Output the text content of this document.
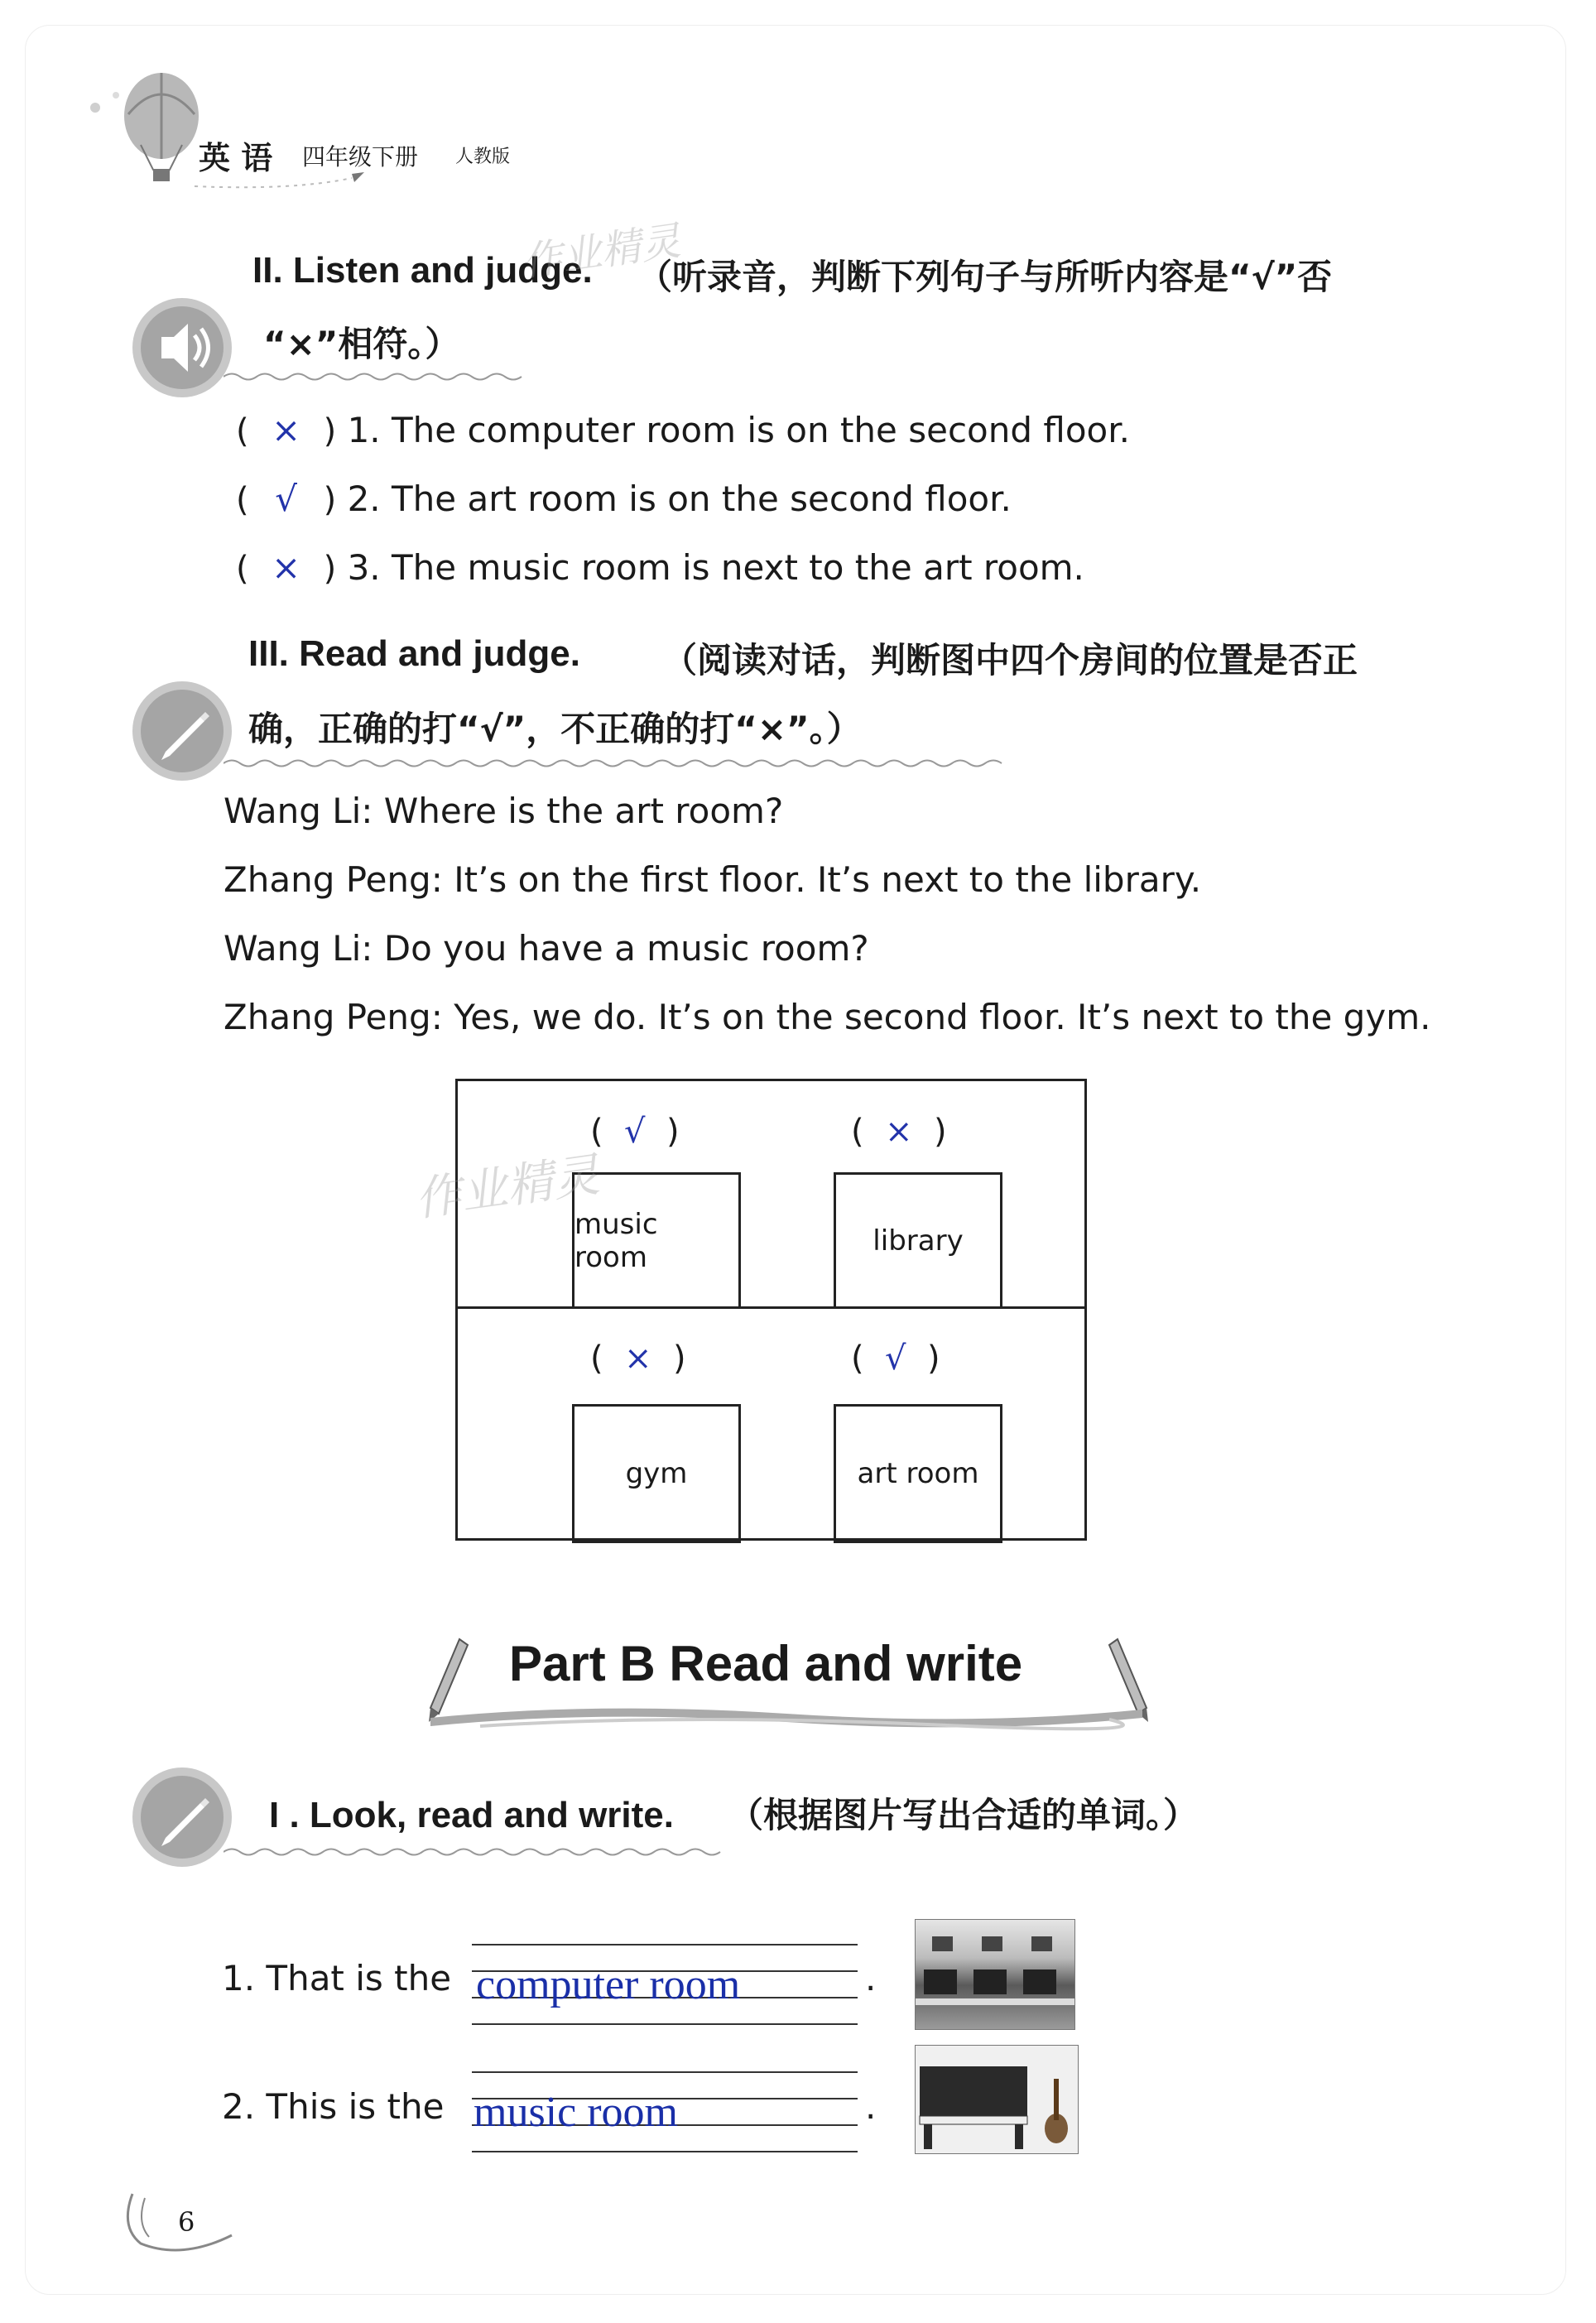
英 语 四年级下册 人教版
II. Listen and judge. （听录音，判断下列句子与所听内容是“√”否
“×”相符。）
( × ) 1. The computer room is on the second floor.
( √ ) 2. The art room is on the second floor.
( × ) 3. The music room is next to the art room.
III. Read and judge. （阅读对话，判断图中四个房间的位置是否正
确，正确的打“√”，不正确的打“×”。）
Wang Li: Where is the art room?
Zhang Peng: It’s on the first floor. It’s next to the library.
Wang Li: Do you have a music room?
Zhang Peng: Yes, we do. It’s on the second floor. It’s next to the gym.
(  √  )
music room
(  ×  )
library
(  ×  )
gym
(  √  )
art room
作业精灵
作业精灵
Part B Read and write
I . Look, read and write. （根据图片写出合适的单词。）
1. That is the computer room	.
2. This is the music room	.
6
